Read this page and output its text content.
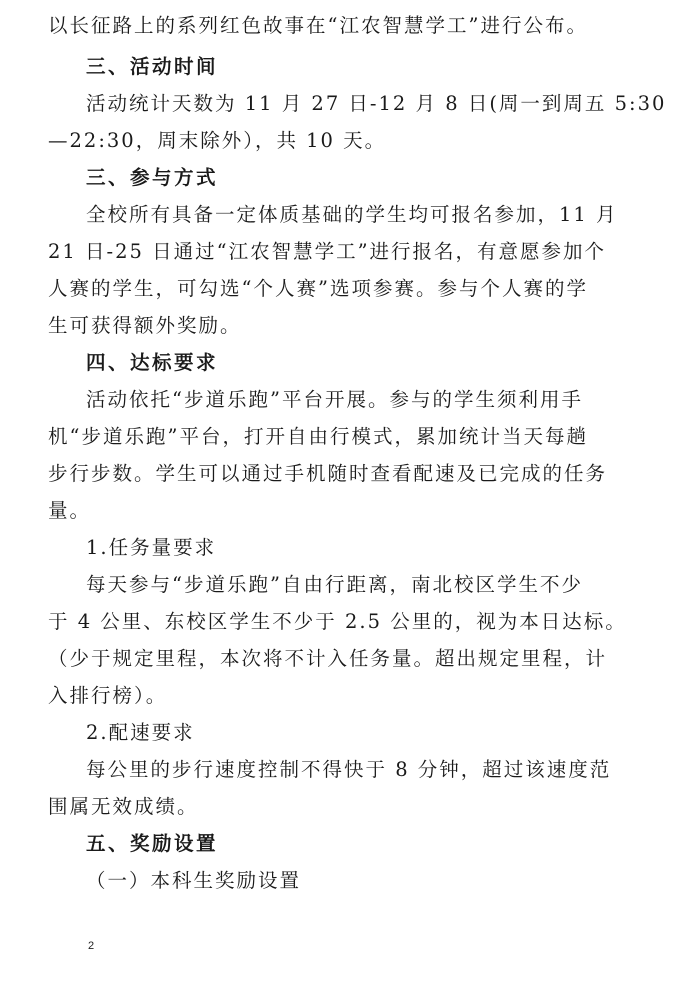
以长征路上的系列红色故事在“江农智慧学工”进行公布。
三、活动时间
活动统计天数为 11 月 27 日-12 月 8 日(周一到周五 5:30
—22:30，周末除外），共 10 天。
三、参与方式
全校所有具备一定体质基础的学生均可报名参加，11 月
21 日-25 日通过“江农智慧学工”进行报名，有意愿参加个
人赛的学生，可勾选“个人赛”选项参赛。参与个人赛的学
生可获得额外奖励。
四、达标要求
活动依托“步道乐跑”平台开展。参与的学生须利用手
机“步道乐跑”平台，打开自由行模式，累加统计当天每趟
步行步数。学生可以通过手机随时查看配速及已完成的任务
量。
1.任务量要求
每天参与“步道乐跑”自由行距离，南北校区学生不少
于 4 公里、东校区学生不少于 2.5 公里的，视为本日达标。
（少于规定里程，本次将不计入任务量。超出规定里程，计
入排行榜）。
2.配速要求
每公里的步行速度控制不得快于 8 分钟，超过该速度范
围属无效成绩。
五、奖励设置
（一）本科生奖励设置
2
